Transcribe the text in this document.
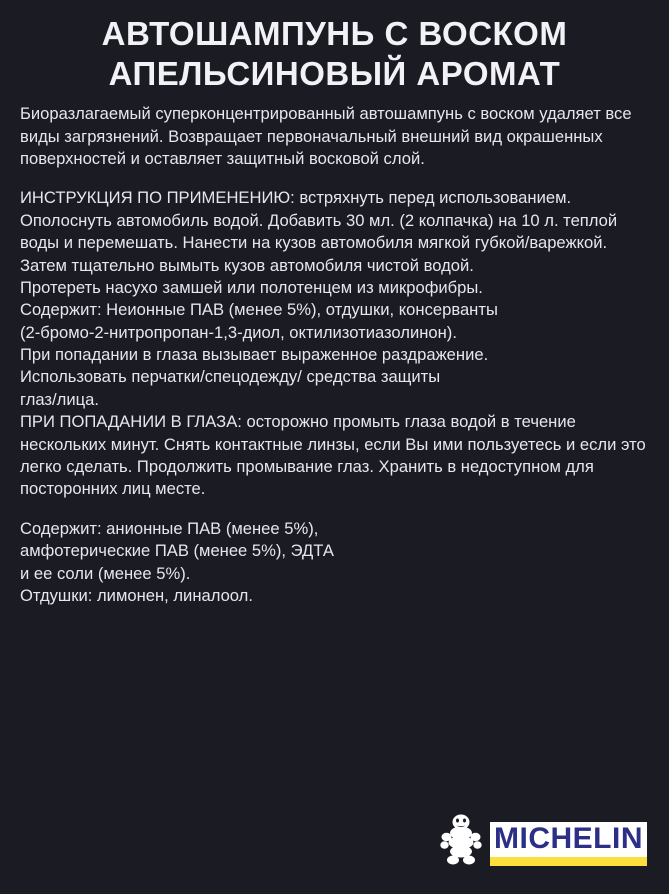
АВТОШАМПУНЬ С ВОСКОМ
АПЕЛЬСИНОВЫЙ АРОМАТ

Биоразлагаемый суперконцентрированный автошампунь с воском удаляет все виды загрязнений. Возвращает первоначальный внешний вид окрашенных поверхностей и оставляет защитный восковой слой.

ИНСТРУКЦИЯ ПО ПРИМЕНЕНИЮ: встряхнуть перед использованием. Ополоснуть автомобиль водой. Добавить 30 мл. (2 колпачка) на 10 л. теплой воды и перемешать. Нанести на кузов автомобиля мягкой губкой/варежкой. Затем тщательно вымыть кузов автомобиля чистой водой.

Протереть насухо замшей или полотенцем из микрофибры.
Содержит: Неионные ПАВ (менее 5%), отдушки, консерванты
(2-бромо-2-нитропропан-1,3-диол, октилизотиазолинон).
При попадании в глаза вызывает выраженное раздражение.
Использовать перчатки/спецодежду/ средства защиты
глаз/лица.

ПРИ ПОПАДАНИИ В ГЛАЗА: осторожно промыть глаза водой в течение нескольких минут. Снять контактные линзы, если Вы ими пользуетесь и если это легко сделать. Продолжить промывание глаз. Хранить в недоступном для посторонних лиц месте.

Содержит: анионные ПАВ (менее 5%),
амфотерические ПАВ (менее 5%), ЭДТА
и ее соли (менее 5%).
Отдушки: лимонен, линалоол.
MICHELIN
